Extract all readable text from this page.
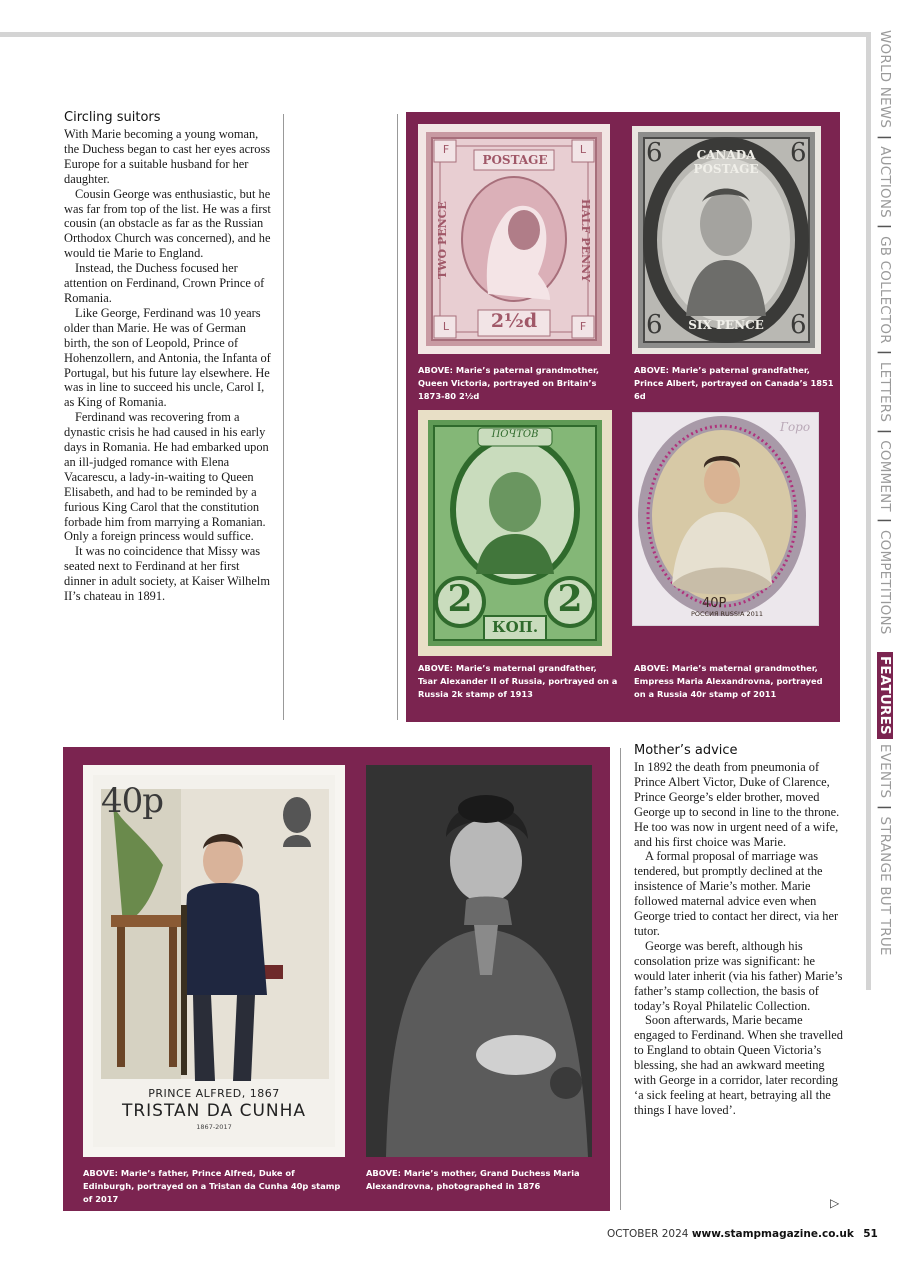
WORLD NEWS | AUCTIONS | GB COLLECTOR | LETTERS | COMMENT | COMPETITIONS   FEATURES EVENTS | STRANGE BUT TRUE
Circling suitors

With Marie becoming a young woman, the Duchess began to cast her eyes across Europe for a suitable husband for her daughter.

Cousin George was enthusiastic, but he was far from top of the list. He was a first cousin (an obstacle as far as the Russian Orthodox Church was concerned), and he would tie Marie to England.

Instead, the Duchess focused her attention on Ferdinand, Crown Prince of Romania.

Like George, Ferdinand was 10 years older than Marie. He was of German birth, the son of Leopold, Prince of Hohenzollern, and Antonia, the Infanta of Portugal, but his future lay elsewhere. He was in line to succeed his uncle, Carol I, as King of Romania.

Ferdinand was recovering from a dynastic crisis he had caused in his early days in Romania. He had embarked upon an ill-judged romance with Elena Vacarescu, a lady-in-waiting to Queen Elisabeth, and had to be reminded by a furious King Carol that the constitution forbade him from marrying a Romanian. Only a foreign princess would suffice.

It was no coincidence that Missy was seated next to Ferdinand at her first dinner in adult society, at Kaiser Wilhelm II’s chateau in 1891.

POSTAGE
F	L
L	F
TWO PENCE	HALF PENNY
2½d
ABOVE: Marie’s paternal grandmother, Queen Victoria, portrayed on Britain’s 1873-80 2½d
CANADA POSTAGE
SIX PENCE
6	6
6	6
ABOVE: Marie’s paternal grandfather, Prince Albert, portrayed on Canada’s 1851 6d
ПОЧТОВ
2	2
КОП.
ABOVE: Marie’s maternal grandfather, Tsar Alexander II of Russia, portrayed on a Russia 2k stamp of 1913
Горо
40Р
РОССИЯ RUSSIA 2011
ABOVE: Marie’s maternal grandmother, Empress Maria Alexandrovna, portrayed on a Russia 40r stamp of 2011
40p
PRINCE ALFRED, 1867
TRISTAN DA CUNHA
1867-2017
ABOVE: Marie’s father, Prince Alfred, Duke of Edinburgh, portrayed on a Tristan da Cunha 40p stamp of 2017
ABOVE: Marie’s mother, Grand Duchess Maria Alexandrovna, photographed in 1876
Mother’s advice

In 1892 the death from pneumonia of Prince Albert Victor, Duke of Clarence, Prince George’s elder brother, moved George up to second in line to the throne. He too was now in urgent need of a wife, and his first choice was Marie.

A formal proposal of marriage was tendered, but promptly declined at the insistence of Marie’s mother. Marie followed maternal advice even when George tried to contact her direct, via her tutor.

George was bereft, although his consolation prize was significant: he would later inherit (via his father) Marie’s father’s stamp collection, the basis of today’s Royal Philatelic Collection.

Soon afterwards, Marie became engaged to Ferdinand. When she travelled to England to obtain Queen Victoria’s blessing, she had an awkward meeting with George in a corridor, later recording ‘a sick feeling at heart, betraying all the things I have loved’.

▷
OCTOBER 2024 www.stampmagazine.co.uk 51
